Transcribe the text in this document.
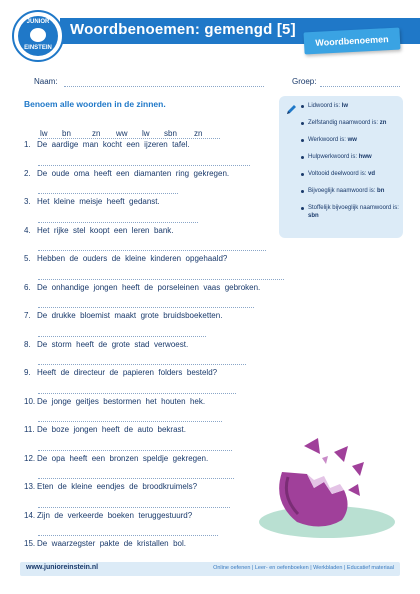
Woordbenoemen: gemengd [5]
JUNIOR
EINSTEIN
Woordbenoemen
Naam:	Groep:
Benoem alle woorden in de zinnen.	Lidwoord is: lw
Zelfstandig naamwoord is: zn
Werkwoord is: ww
Hulpwerkwoord is: hww
Voltooid deelwoord is: vd
Bijvoeglijk naamwoord is: bn
Stoffelijk bijvoeglijk naamwoord is: sbn
lw bn	zn ww lw sbn zn
1. De  aardige  man  kocht  een  ijzeren  tafel.
2. De  oude  oma  heeft  een  diamanten  ring  gekregen.
3. Het  kleine  meisje  heeft  gedanst.
4. Het  rijke  stel  koopt  een  leren  bank.
5. Hebben  de  ouders  de  kleine  kinderen  opgehaald?
6. De  onhandige  jongen  heeft  de  porseleinen  vaas  gebroken.
7. De  drukke  bloemist  maakt  grote  bruidsboeketten.
8. De  storm  heeft  de  grote  stad  verwoest.
9. Heeft  de  directeur  de  papieren  folders  besteld?
10. De  jonge  geitjes  bestormen  het  houten  hek.
11. De  boze  jongen  heeft  de  auto  bekrast.
12. De  opa  heeft  een  bronzen  speldje  gekregen.
13. Eten  de  kleine  eendjes  de  broodkruimels?
14. Zijn  de  verkeerde  boeken  teruggestuurd?
15. De  waarzegster  pakte  de  kristallen  bol.
www.junioreinstein.nl	Online oefenen | Leer- en oefenboeken | Werkbladen | Educatief materiaal
